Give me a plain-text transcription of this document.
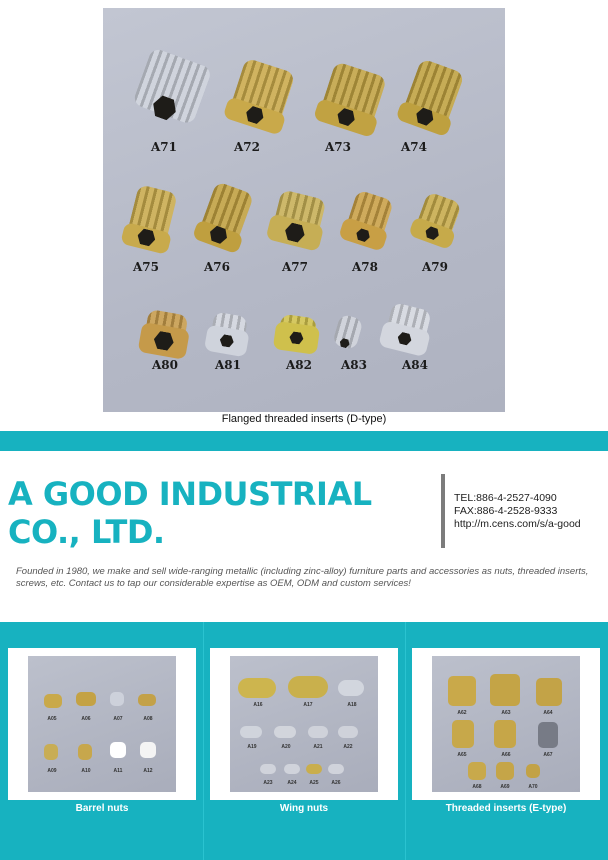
A71	A72	A73	A74
A75	A76	A77	A78	A79
A80	A81	A82	A83	A84
Flanged threaded inserts (D-type)
A GOOD INDUSTRIAL CO., LTD.
TEL:886-4-2527-4090
FAX:886-4-2528-9333
http://m.cens.com/s/a-good
Founded in 1980, we make and sell wide-ranging metallic (including zinc-alloy) furniture parts and accessories as nuts, threaded inserts, screws, etc. Contact us to tap our considerable expertise as OEM, ODM and custom services!
A05	A06	A07	A08
A09	A10	A11	A12
Barrel nuts
A16	A17	A18
A19	A20	A21	A22
A23	A24	A25	A26
Wing nuts
A62	A63	A64
A65	A66	A67
A68	A69	A70
Threaded inserts (E-type)
